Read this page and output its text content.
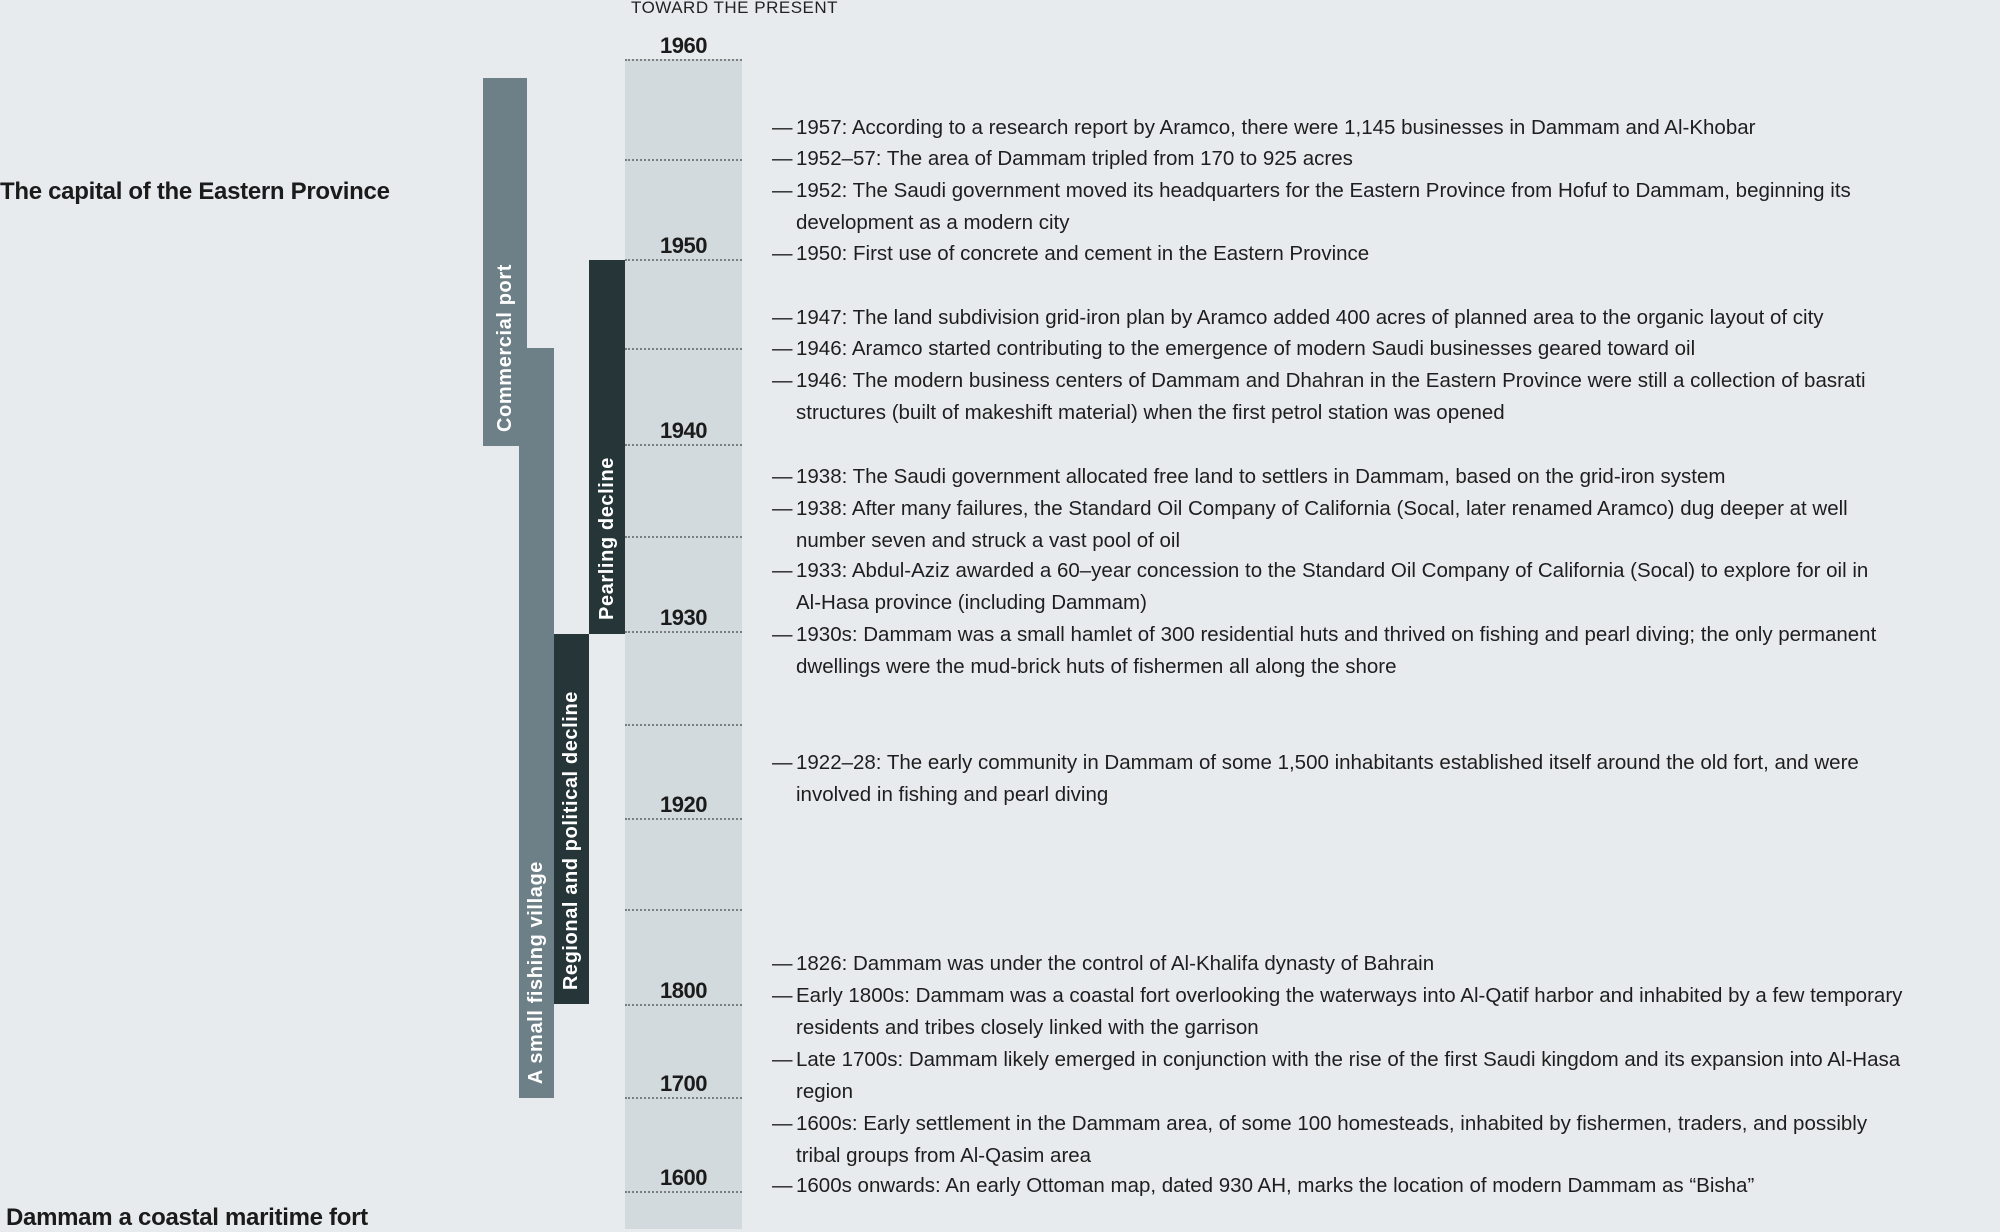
TOWARD THE PRESENT
The capital of the Eastern Province
Dammam a coastal maritime fort
1960
1950
1940
1930
1920
1800
1700
1600
Commercial port
A small fishing village Regional and political decline
Pearling decline
— 1957: According to a research report by Aramco, there were 1,145 businesses in Dammam and Al-Khobar
— 1952–57: The area of Dammam tripled from 170 to 925 acres
— 1952: The Saudi government moved its headquarters for the Eastern Province from Hofuf to Dammam, beginning its
development as a modern city
— 1950: First use of concrete and cement in the Eastern Province
— 1947: The land subdivision grid-iron plan by Aramco added 400 acres of planned area to the organic layout of city
— 1946: Aramco started contributing to the emergence of modern Saudi businesses geared toward oil
— 1946: The modern business centers of Dammam and Dhahran in the Eastern Province were still a collection of basrati
structures (built of makeshift material) when the first petrol station was opened
— 1938: The Saudi government allocated free land to settlers in Dammam, based on the grid-iron system
— 1938: After many failures, the Standard Oil Company of California (Socal, later renamed Aramco) dug deeper at well
number seven and struck a vast pool of oil
— 1933: Abdul-Aziz awarded a 60–year concession to the Standard Oil Company of California (Socal) to explore for oil in
Al-Hasa province (including Dammam)
— 1930s: Dammam was a small hamlet of 300 residential huts and thrived on fishing and pearl diving; the only permanent
dwellings were the mud-brick huts of fishermen all along the shore
— 1922–28: The early community in Dammam of some 1,500 inhabitants established itself around the old fort, and were
involved in fishing and pearl diving
— 1826: Dammam was under the control of Al-Khalifa dynasty of Bahrain
— Early 1800s: Dammam was a coastal fort overlooking the waterways into Al-Qatif harbor and inhabited by a few temporary
residents and tribes closely linked with the garrison
— Late 1700s: Dammam likely emerged in conjunction with the rise of the first Saudi kingdom and its expansion into Al-Hasa
region
— 1600s: Early settlement in the Dammam area, of some 100 homesteads, inhabited by fishermen, traders, and possibly
tribal groups from Al-Qasim area
— 1600s onwards: An early Ottoman map, dated 930 AH, marks the location of modern Dammam as “Bisha”
